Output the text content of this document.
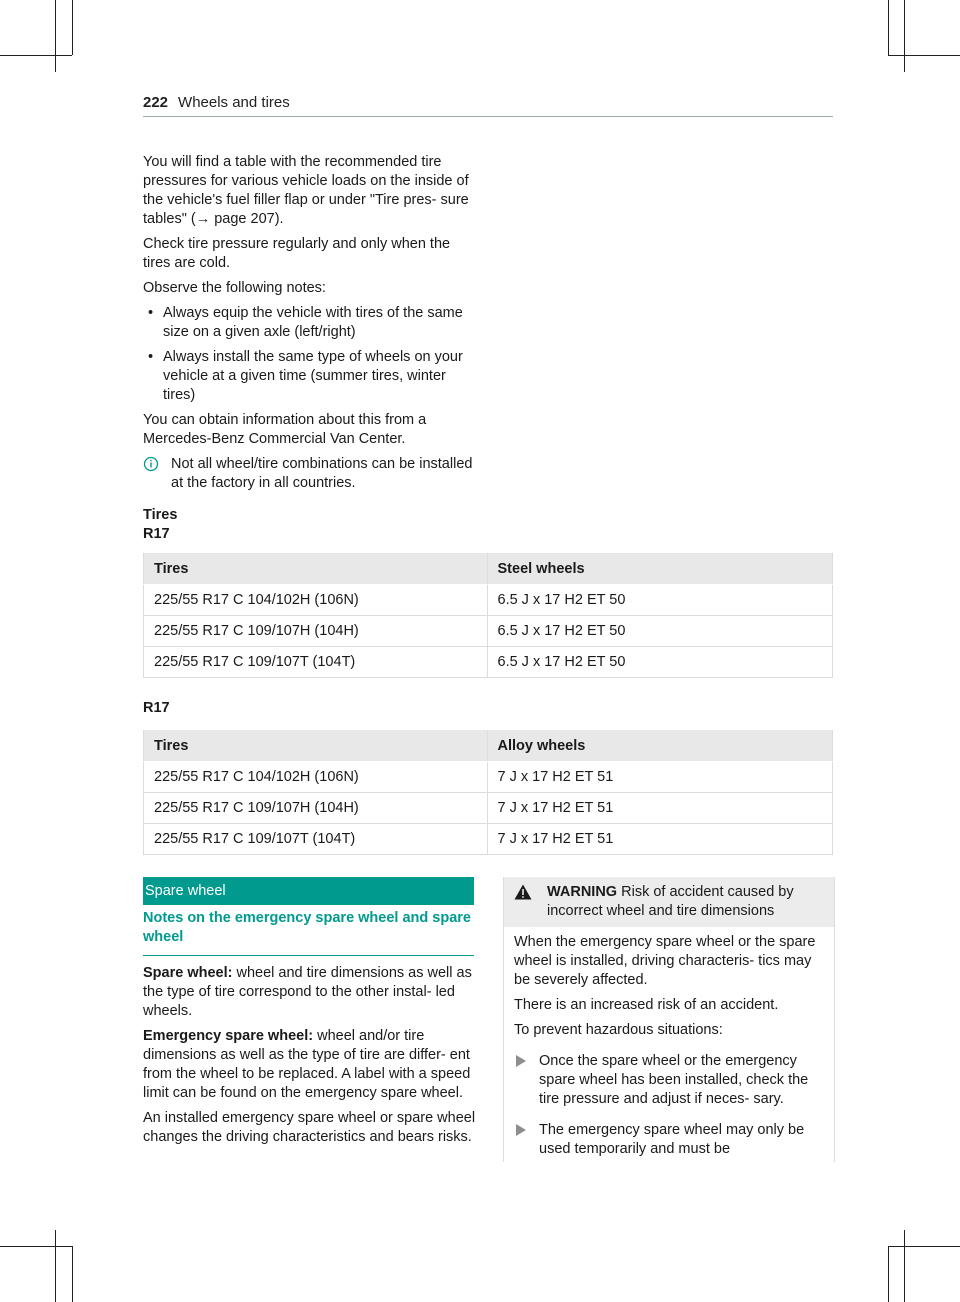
222 Wheels and tires

You will find a table with the recommended tire pressures for various vehicle loads on the inside of the vehicle's fuel filler flap or under "Tire pres- sure tables" (→ page 207).

Check tire pressure regularly and only when the tires are cold.

Observe the following notes:

• Always equip the vehicle with tires of the same size on a given axle (left/right)
• Always install the same type of wheels on your vehicle at a given time (summer tires, winter tires)

You can obtain information about this from a Mercedes-Benz Commercial Van Center.

Not all wheel/tire combinations can be installed at the factory in all countries.
Tires
R17
Tires	Steel wheels
225/55 R17 C 104/102H (106N)	6.5 J x 17 H2 ET 50
225/55 R17 C 109/107H (104H)	6.5 J x 17 H2 ET 50
225/55 R17 C 109/107T (104T)	6.5 J x 17 H2 ET 50
R17
Tires	Alloy wheels
225/55 R17 C 104/102H (106N)	7 J x 17 H2 ET 51
225/55 R17 C 109/107H (104H)	7 J x 17 H2 ET 51
225/55 R17 C 109/107T (104T)	7 J x 17 H2 ET 51
Spare wheel
Notes on the emergency spare wheel and spare wheel

Spare wheel: wheel and tire dimensions as well as the type of tire correspond to the other instal- led wheels.

Emergency spare wheel: wheel and/or tire dimensions as well as the type of tire are differ- ent from the wheel to be replaced. A label with a speed limit can be found on the emergency spare wheel.

An installed emergency spare wheel or spare wheel changes the driving characteristics and bears risks.

WARNING Risk of accident caused by incorrect wheel and tire dimensions

When the emergency spare wheel or the spare wheel is installed, driving characteris- tics may be severely affected.

There is an increased risk of an accident.

To prevent hazardous situations:

Once the spare wheel or the emergency spare wheel has been installed, check the tire pressure and adjust if neces- sary.
The emergency spare wheel may only be used temporarily and must be
